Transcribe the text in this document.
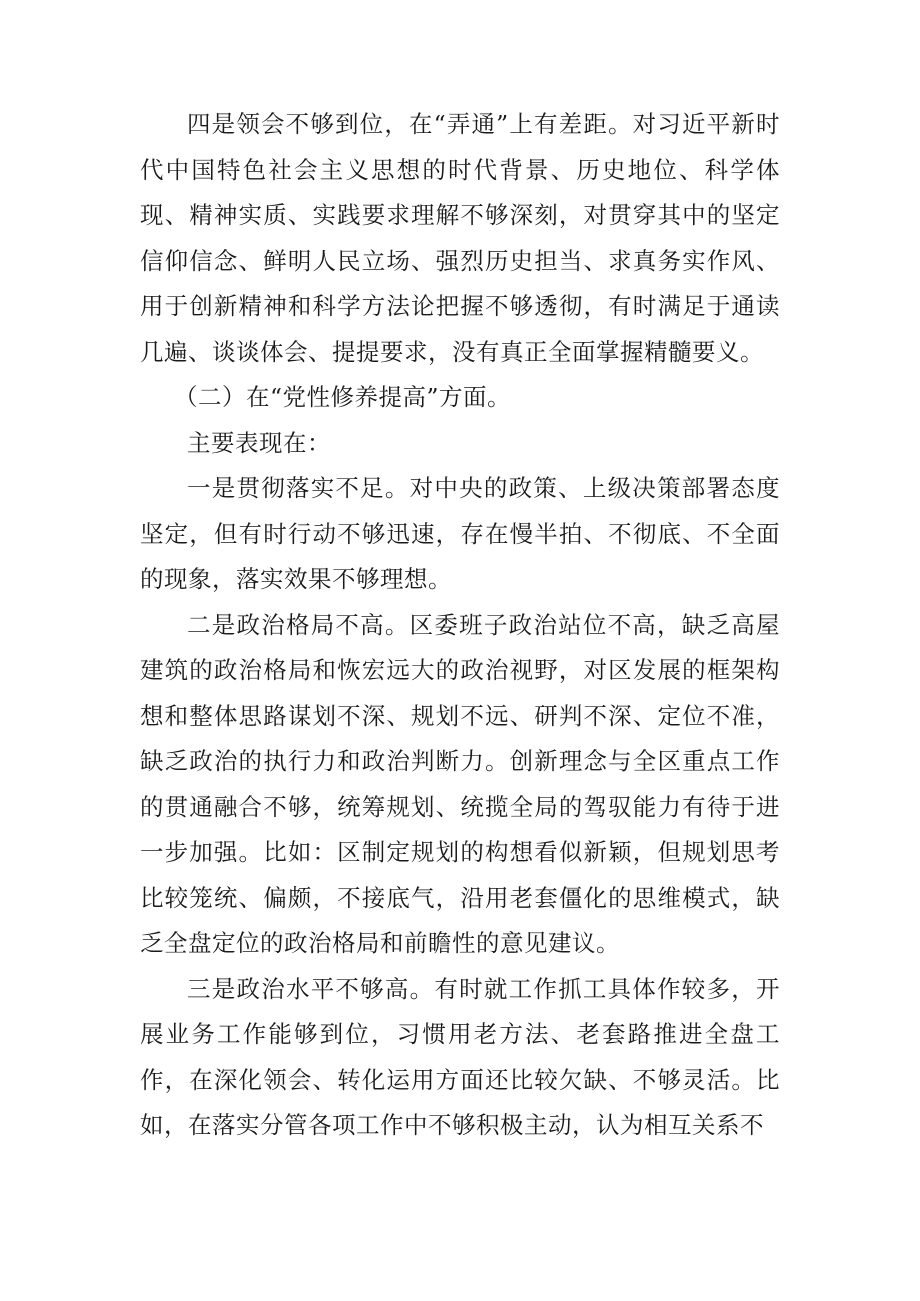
四是领会不够到位，在“弄通”上有差距。对习近平新时代中国特色社会主义思想的时代背景、历史地位、科学体现、精神实质、实践要求理解不够深刻，对贯穿其中的坚定信仰信念、鲜明人民立场、强烈历史担当、求真务实作风、用于创新精神和科学方法论把握不够透彻，有时满足于通读几遍、谈谈体会、提提要求，没有真正全面掌握精髓要义。

（二）在“党性修养提高”方面。

主要表现在：

一是贯彻落实不足。对中央的政策、上级决策部署态度坚定，但有时行动不够迅速，存在慢半拍、不彻底、不全面的现象，落实效果不够理想。

二是政治格局不高。区委班子政治站位不高，缺乏高屋建筑的政治格局和恢宏远大的政治视野，对区发展的框架构想和整体思路谋划不深、规划不远、研判不深、定位不准，缺乏政治的执行力和政治判断力。创新理念与全区重点工作的贯通融合不够，统筹规划、统揽全局的驾驭能力有待于进一步加强。比如：区制定规划的构想看似新颖，但规划思考比较笼统、偏颇，不接底气，沿用老套僵化的思维模式，缺乏全盘定位的政治格局和前瞻性的意见建议。

三是政治水平不够高。有时就工作抓工具体作较多，开展业务工作能够到位，习惯用老方法、老套路推进全盘工作，在深化领会、转化运用方面还比较欠缺、不够灵活。比如，在落实分管各项工作中不够积极主动，认为相互关系不
